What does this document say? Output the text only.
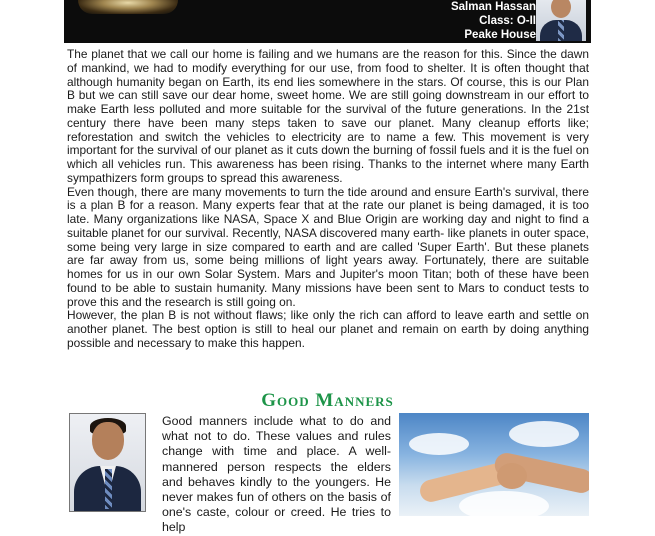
Salman Hassan
Class: O-II
Peake House

The planet that we call our home is failing and we humans are the reason for this. Since the dawn of mankind, we had to modify everything for our use, from food to shelter. It is often thought that although humanity began on Earth, its end lies somewhere in the stars. Of course, this is our Plan B but we can still save our dear home, sweet home. We are still going downstream in our effort to make Earth less polluted and more suitable for the survival of the future generations. In the 21st century there have been many steps taken to save our planet. Many cleanup efforts like; reforestation and switch the vehicles to electricity are to name a few. This movement is very important for the survival of our planet as it cuts down the burning of fossil fuels and it is the fuel on which all vehicles run. This awareness has been rising. Thanks to the internet where many Earth sympathizers form groups to spread this awareness.

Even though, there are many movements to turn the tide around and ensure Earth's survival, there is a plan B for a reason. Many experts fear that at the rate our planet is being damaged, it is too late. Many organizations like NASA, Space X and Blue Origin are working day and night to find a suitable planet for our survival. Recently, NASA discovered many earth- like planets in outer space, some being very large in size compared to earth and are called 'Super Earth'. But these planets are far away from us, some being millions of light years away. Fortunately, there are suitable homes for us in our own Solar System. Mars and Jupiter's moon Titan; both of these have been found to be able to sustain humanity. Many missions have been sent to Mars to conduct tests to prove this and the research is still going on.

However, the plan B is not without flaws; like only the rich can afford to leave earth and settle on another planet. The best option is still to heal our planet and remain on earth by doing anything possible and necessary to make this happen.

Good Manners

Good manners include what to do and what not to do. These values and rules change with time and place. A well-mannered person respects the elders and behaves kindly to the youngers. He never makes fun of others on the basis of one's caste, colour or creed. He tries to help
